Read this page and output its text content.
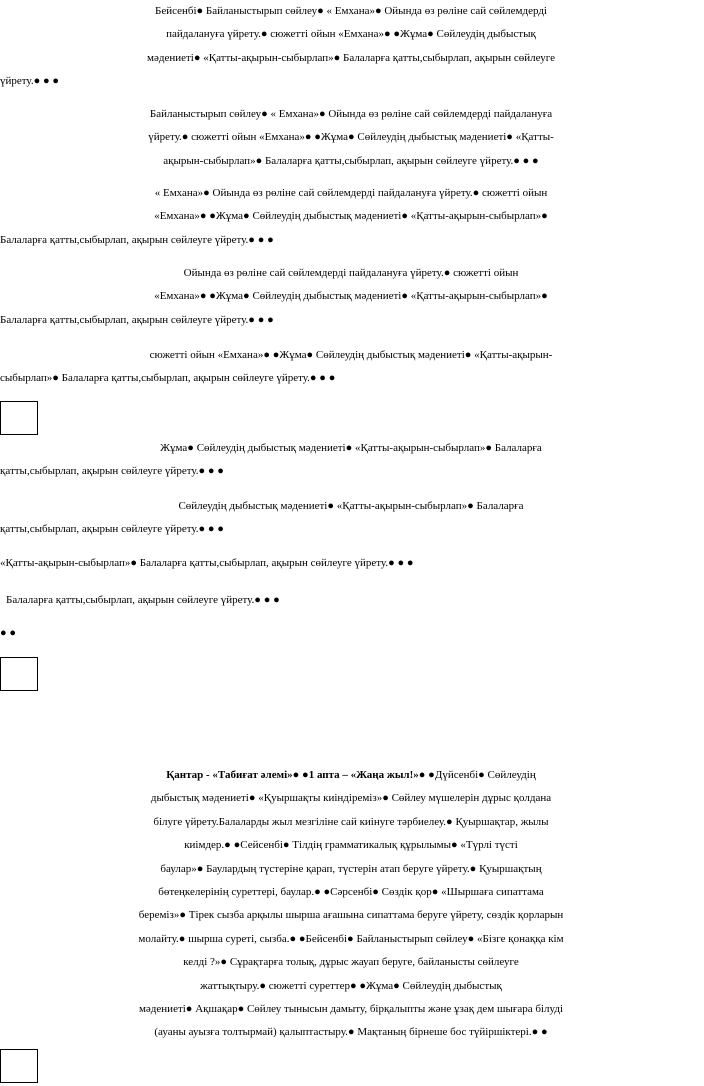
Бейсенбі● Байланыстырып сөйлеу● « Емхана»● Ойында өз рөліне сай сөйлемдерді
пайдалануға үйрету.● сюжетті ойын «Емхана»● ●Жұма● Сөйлеудің дыбыстық
мәдениеті● «Қатты-ақырын-сыбырлап»● Балаларға қатты,сыбырлап, ақырын сөйлеуге
үйрету.● ● ●
Байланыстырып сөйлеу● « Емхана»● Ойында өз рөліне сай сөйлемдерді пайдалануға
үйрету.● сюжетті ойын «Емхана»● ●Жұма● Сөйлеудің дыбыстық мәдениеті● «Қатты-
ақырын-сыбырлап»● Балаларға қатты,сыбырлап, ақырын сөйлеуге үйрету.● ● ●
« Емхана»● Ойында өз рөліне сай сөйлемдерді пайдалануға үйрету.● сюжетті ойын
«Емхана»● ●Жұма● Сөйлеудің дыбыстық мәдениеті● «Қатты-ақырын-сыбырлап»●
Балаларға қатты,сыбырлап, ақырын сөйлеуге үйрету.● ● ●
Ойында өз рөліне сай сөйлемдерді пайдалануға үйрету.● сюжетті ойын
«Емхана»● ●Жұма● Сөйлеудің дыбыстық мәдениеті● «Қатты-ақырын-сыбырлап»●
Балаларға қатты,сыбырлап, ақырын сөйлеуге үйрету.● ● ●
сюжетті ойын «Емхана»● ●Жұма● Сөйлеудің дыбыстық мәдениеті● «Қатты-ақырын-
сыбырлап»● Балаларға қатты,сыбырлап, ақырын сөйлеуге үйрету.● ● ●
Жұма● Сөйлеудің дыбыстық мәдениеті● «Қатты-ақырын-сыбырлап»● Балаларға
қатты,сыбырлап, ақырын сөйлеуге үйрету.● ● ●
Сөйлеудің дыбыстық мәдениеті● «Қатты-ақырын-сыбырлап»● Балаларға
қатты,сыбырлап, ақырын сөйлеуге үйрету.● ● ●
«Қатты-ақырын-сыбырлап»● Балаларға қатты,сыбырлап, ақырын сөйлеуге үйрету.● ● ●
Балаларға қатты,сыбырлап, ақырын сөйлеуге үйрету.● ● ●
● ●
Қантар - «Табиғат әлемі»● ●1 апта – «Жаңа жыл!»● ●Дүйсенбі● Сөйлеудің
дыбыстық мәдениеті● «Қуыршақты киіндіреміз»● Сөйлеу мүшелерін дұрыс қолдана
білуге үйрету.Балаларды жыл мезгіліне сай киінуге тәрбиелеу.● Қуыршақтар, жылы
киімдер.● ●Сейсенбі● Тілдің грамматикалық құрылымы● «Түрлі түсті
баулар»● Баулардың түстеріне қарап, түстерін атап беруге үйрету.● Қуыршақтың
бөтеңкелерінің суреттері, баулар.● ●Сәрсенбі● Сөздік қор● «Шыршаға сипаттама
береміз»● Тірек сызба арқылы шырша ағашына сипаттама беруге үйрету, сөздік қорларын
молайту.● шырша суреті, сызба.● ●Бейсенбі● Байланыстырып сөйлеу● «Бізге қонаққа кім
келді ?»● Сұрақтарға толық, дұрыс жауап беруге, байланысты сөйлеуге
жаттықтыру.● сюжетті суреттер● ●Жұма● Сөйлеудің дыбыстық
мәдениеті● Ақшақар● Сөйлеу тынысын дамыту, бірқалыпты және ұзақ дем шығара білуді
(ауаны ауызға толтырмай) қалыптастыру.● Мақтаның бірнеше бос түйіршіктері.● ●
